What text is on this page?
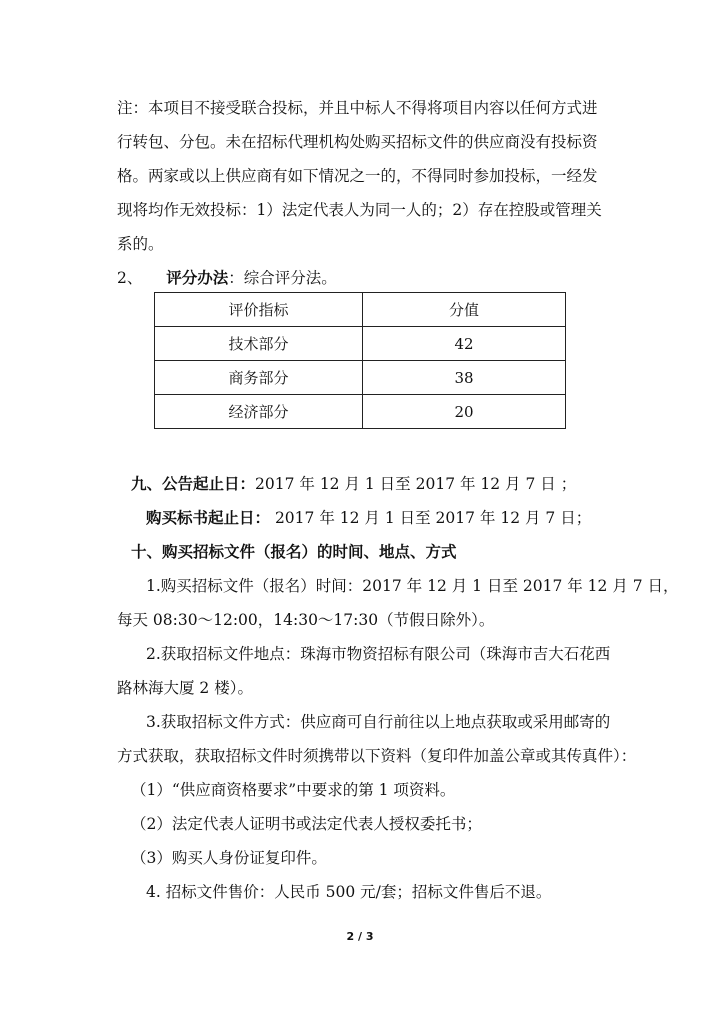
注：本项目不接受联合投标，并且中标人不得将项目内容以任何方式进
行转包、分包。未在招标代理机构处购买招标文件的供应商没有投标资
格。两家或以上供应商有如下情况之一的，不得同时参加投标，一经发
现将均作无效投标：1）法定代表人为同一人的；2）存在控股或管理关
系的。
2、 评分办法：综合评分法。
评价指标	分值
技术部分	42
商务部分	38
经济部分	20
九、公告起止日：2017 年 12 月 1 日至 2017 年 12 月 7 日 ；
购买标书起止日： 2017 年 12 月 1 日至 2017 年 12 月 7 日；
十、购买招标文件（报名）的时间、地点、方式
1.购买招标文件（报名）时间：2017 年 12 月 1 日至 2017 年 12 月 7 日，
每天 08:30～12:00，14:30～17:30（节假日除外）。
2.获取招标文件地点：珠海市物资招标有限公司（珠海市吉大石花西
路林海大厦 2 楼）。
3.获取招标文件方式：供应商可自行前往以上地点获取或采用邮寄的
方式获取，获取招标文件时须携带以下资料（复印件加盖公章或其传真件）：
（1）“供应商资格要求”中要求的第 1 项资料。
（2）法定代表人证明书或法定代表人授权委托书；
（3）购买人身份证复印件。
4. 招标文件售价：人民币 500 元/套；招标文件售后不退。
2 / 3
